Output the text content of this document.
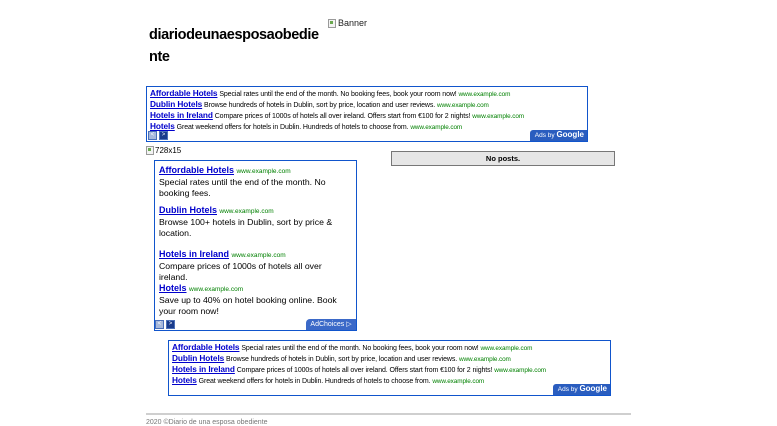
diariodeunaesposaobediente
Banner
Affordable Hotels Special rates until the end of the month. No booking fees, book your room now! www.example.com
Dublin Hotels Browse hundreds of hotels in Dublin, sort by price, location and user reviews. www.example.com
Hotels in Ireland Compare prices of 1000s of hotels all over ireland. Offers start from €100 for 2 nights! www.example.com
Hotels Great weekend offers for hotels in Dublin. Hundreds of hotels to choose from. www.example.com
<	>	Ads by Google
728x15
No posts.
Affordable Hotels www.example.com
Special rates until the end of the month. No booking fees.
Dublin Hotels www.example.com
Browse 100+ hotels in Dublin, sort by price & location.
Hotels in Ireland www.example.com
Compare prices of 1000s of hotels all over ireland.
Hotels www.example.com
Save up to 40% on hotel booking online. Book your room now!
<	>	AdChoices ▷
Affordable Hotels Special rates until the end of the month. No booking fees, book your room now! www.example.com
Dublin Hotels Browse hundreds of hotels in Dublin, sort by price, location and user reviews. www.example.com
Hotels in Ireland Compare prices of 1000s of hotels all over ireland. Offers start from €100 for 2 nights! www.example.com
Hotels Great weekend offers for hotels in Dublin. Hundreds of hotels to choose from. www.example.com
Ads by Google
2020 ©Diario de una esposa obediente
